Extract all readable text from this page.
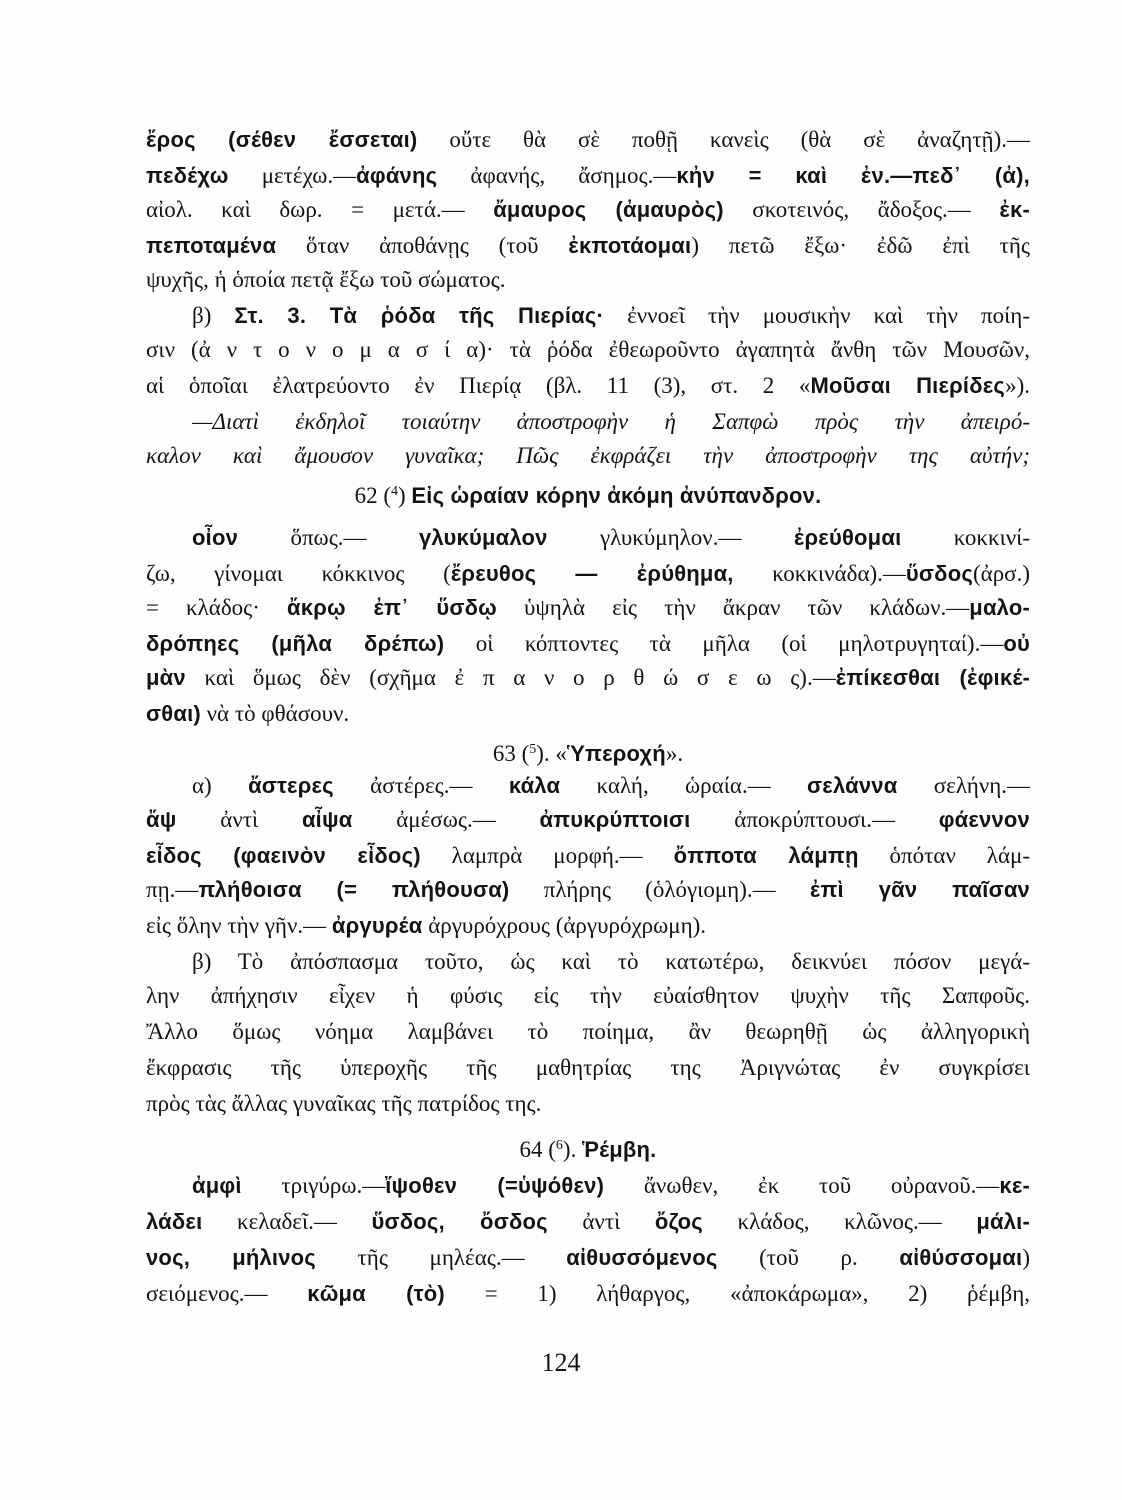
124
ἔρος (σέθεν ἔσσεται) οὔτε θὰ σὲ ποθῇ κανεὶς (θὰ σὲ ἀναζητῇ).—
πεδέχω μετέχω.—ἀφάνης ἀφανής, ἄσημος.—κἠν = καὶ ἐν.—πεδ᾽ (ἀ),
αἰολ. καὶ δωρ. = μετά.— ἄμαυρος (ἀμαυρὸς) σκοτεινός, ἄδοξος.— ἐκ-
πεποταμένα ὅταν ἀποθάνῃς (τοῦ ἐκποτάομαι) πετῶ ἔξω· ἐδῶ ἐπὶ τῆς
ψυχῆς, ἡ ὁποία πετᾷ ἔξω τοῦ σώματος.
β) Στ. 3. Τὰ ῥόδα τῆς Πιερίας· ἐννοεῖ τὴν μουσικὴν καὶ τὴν ποίη-
σιν (ἀ ν τ ο ν ο μ α σ ί α)· τὰ ῥόδα ἐθεωροῦντο ἀγαπητὰ ἄνθη τῶν Μουσῶν,
αἱ ὁποῖαι ἐλατρεύοντο ἐν Πιερίᾳ (βλ. 11 (3), στ. 2 «Μοῦσαι Πιερίδες»).
—Διατὶ ἐκδηλοῖ τοιαύτην ἀποστροφὴν ἡ Σαπφὼ πρὸς τὴν ἀπειρό-
καλον καὶ ἄμουσον γυναῖκα; Πῶς ἐκφράζει τὴν ἀποστροφὴν της αὐτήν;
62 ($^4$) Εἰς ὡραίαν κόρην ἀκόμη ἀνύπανδρον.
οἶον ὅπως.— γλυκύμαλον γλυκύμηλον.— ἐρεύθομαι κοκκινί-
ζω, γίνομαι κόκκινος (ἔρευθος — ἐρύθημα, κοκκινάδα).—ὕσδος(ἀρσ.)
= κλάδος· ἄκρῳ ἐπ᾽ ὕσδῳ ὑψηλὰ εἰς τὴν ἄκραν τῶν κλάδων.—μαλο-
δρόπηες (μῆλα δρέπω) οἱ κόπτοντες τὰ μῆλα (οἱ μηλοτρυγηταί).—οὐ
μὰν καὶ ὅμως δὲν (σχῆμα ἐ π α ν ο ρ θ ώ σ ε ω ς).—ἐπίκεσθαι (ἐφικέ-
σθαι) νὰ τὸ φθάσουν.
63 ($^5$). «Ὑπεροχή».
α) ἄστερες ἀστέρες.— κάλα καλή, ὡραία.— σελάννα σελήνη.—
ἄψ ἀντὶ αἶψα ἀμέσως.— ἀπυκρύπτοισι ἀποκρύπτουσι.— φάεννον
εἶδος (φαεινὸν εἶδος) λαμπρὰ μορφή.— ὄπποτα λάμπῃ ὁπόταν λάμ-
πῃ.—πλήθοισα (= πλήθουσα) πλήρης (ὁλόγιομη).— ἐπὶ γᾶν παῖσαν
εἰς ὅλην τὴν γῆν.— ἀργυρέα ἀργυρόχρους (ἀργυρόχρωμη).
β) Τὸ ἀπόσπασμα τοῦτο, ὡς καὶ τὸ κατωτέρω, δεικνύει πόσον μεγά-
λην ἀπήχησιν εἶχεν ἡ φύσις εἰς τὴν εὐαίσθητον ψυχὴν τῆς Σαπφοῦς.
Ἄλλο ὅμως νόημα λαμβάνει τὸ ποίημα, ἂν θεωρηθῇ ὡς ἀλληγορικὴ
ἔκφρασις τῆς ὑπεροχῆς τῆς μαθητρίας της Ἀριγνώτας ἐν συγκρίσει
πρὸς τὰς ἄλλας γυναῖκας τῆς πατρίδος της.
64 ($^6$). Ῥέμβη.
ἀμφὶ τριγύρω.—ἴψοθεν (=ὑψόθεν) ἄνωθεν, ἐκ τοῦ οὐρανοῦ.—κε-
λάδει κελαδεῖ.— ὕσδος, ὄσδος ἀντὶ ὄζος κλάδος, κλῶνος.— μάλι-
νος, μήλινος τῆς μηλέας.— αἰθυσσόμενος (τοῦ ρ. αἰθύσσομαι)
σειόμενος.— κῶμα (τὸ) = 1) λήθαργος, «ἀποκάρωμα», 2) ῥέμβη,
